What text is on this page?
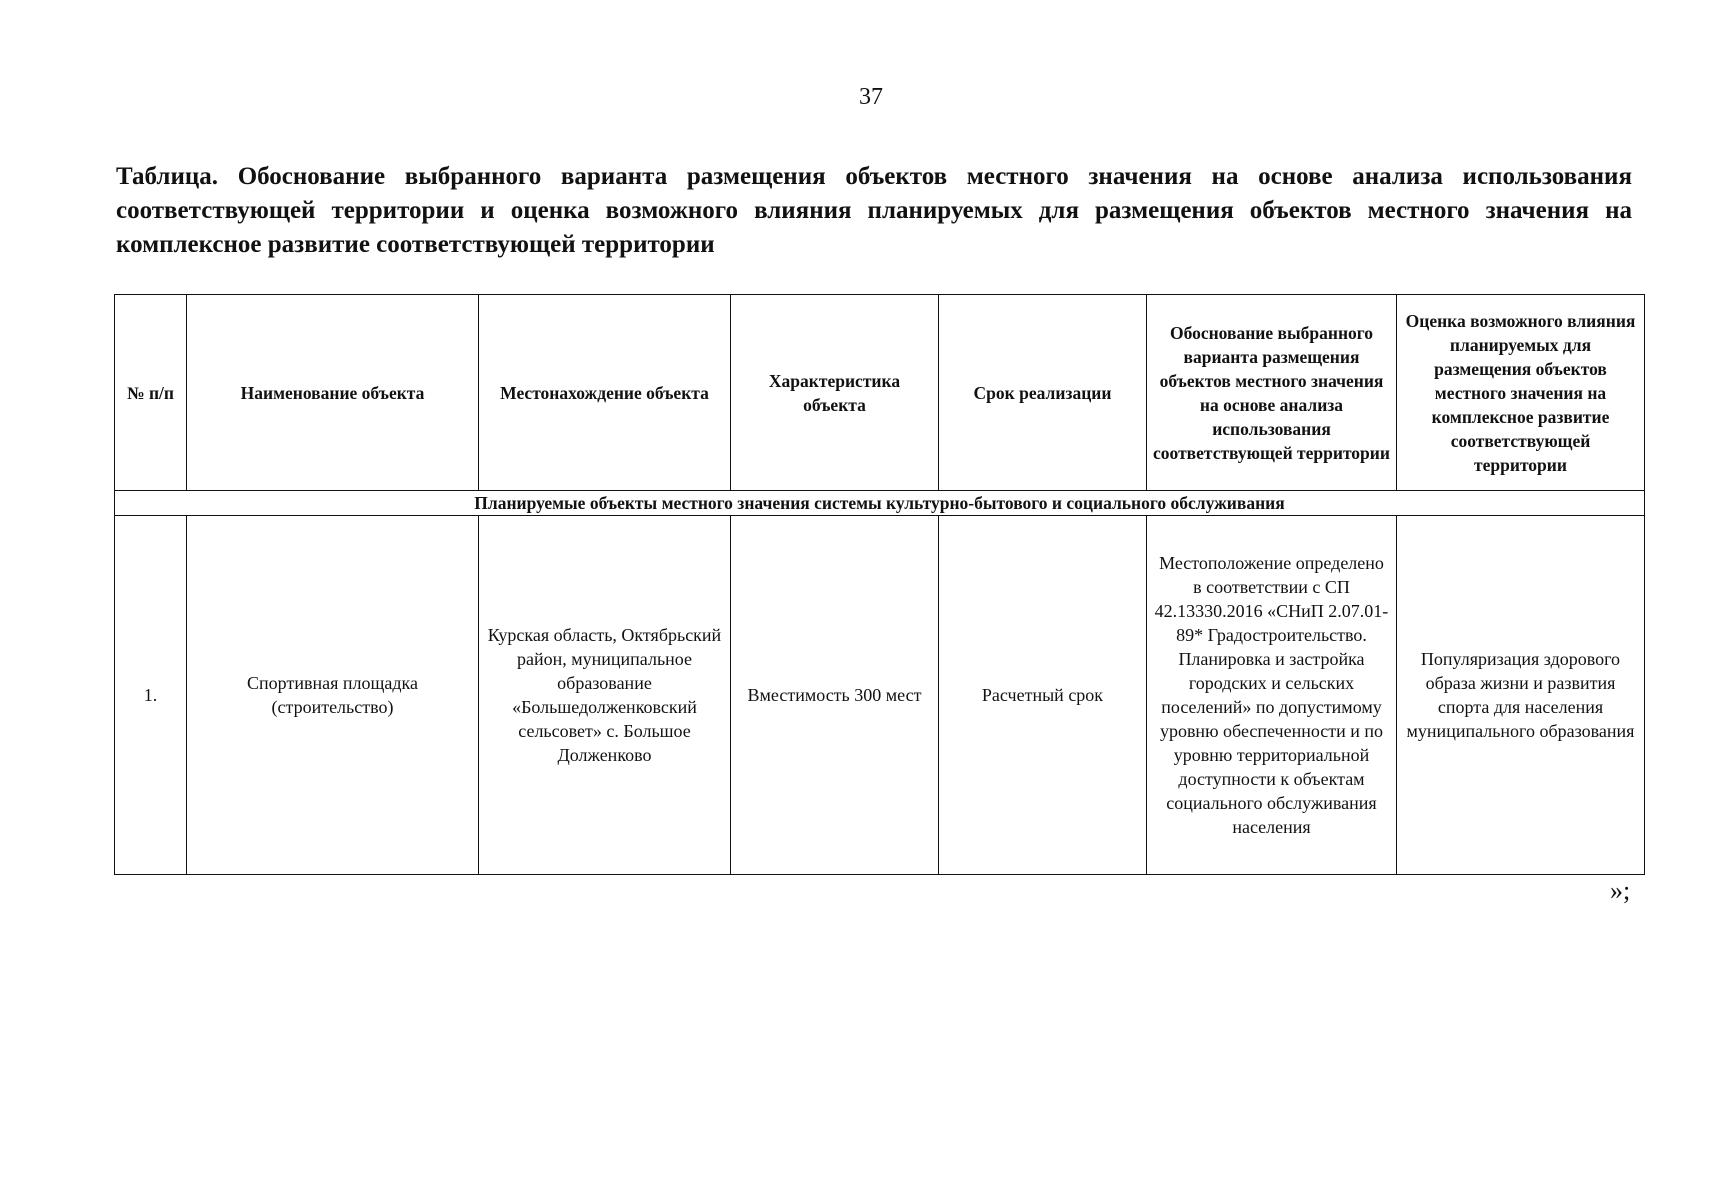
37
Таблица. Обоснование выбранного варианта размещения объектов местного значения на основе анализа использования соответствующей территории и оценка возможного влияния планируемых для размещения объектов местного значения на комплексное развитие соответствующей территории
№ п/п	Наименование объекта	Местонахождение объекта	Характеристика объекта	Срок реализации	Обоснование выбранного варианта размещения объектов местного значения на основе анализа использования соответствующей территории	Оценка возможного влияния планируемых для размещения объектов местного значения на комплексное развитие соответствующей территории
Планируемые объекты местного значения системы культурно-бытового и социального обслуживания						
1.	Спортивная площадка (строительство)	Курская область, Октябрьский район, муниципальное образование «Большедолженковский сельсовет» с. Большое Долженково	Вместимость 300 мест	Расчетный срок	Местоположение определено в соответствии с СП 42.13330.2016 «СНиП 2.07.01-89* Градостроительство. Планировка и застройка городских и сельских поселений» по допустимому уровню обеспеченности и по уровню территориальной доступности к объектам социального обслуживания населения	Популяризация здорового образа жизни и развития спорта для населения муниципального образования
»;
